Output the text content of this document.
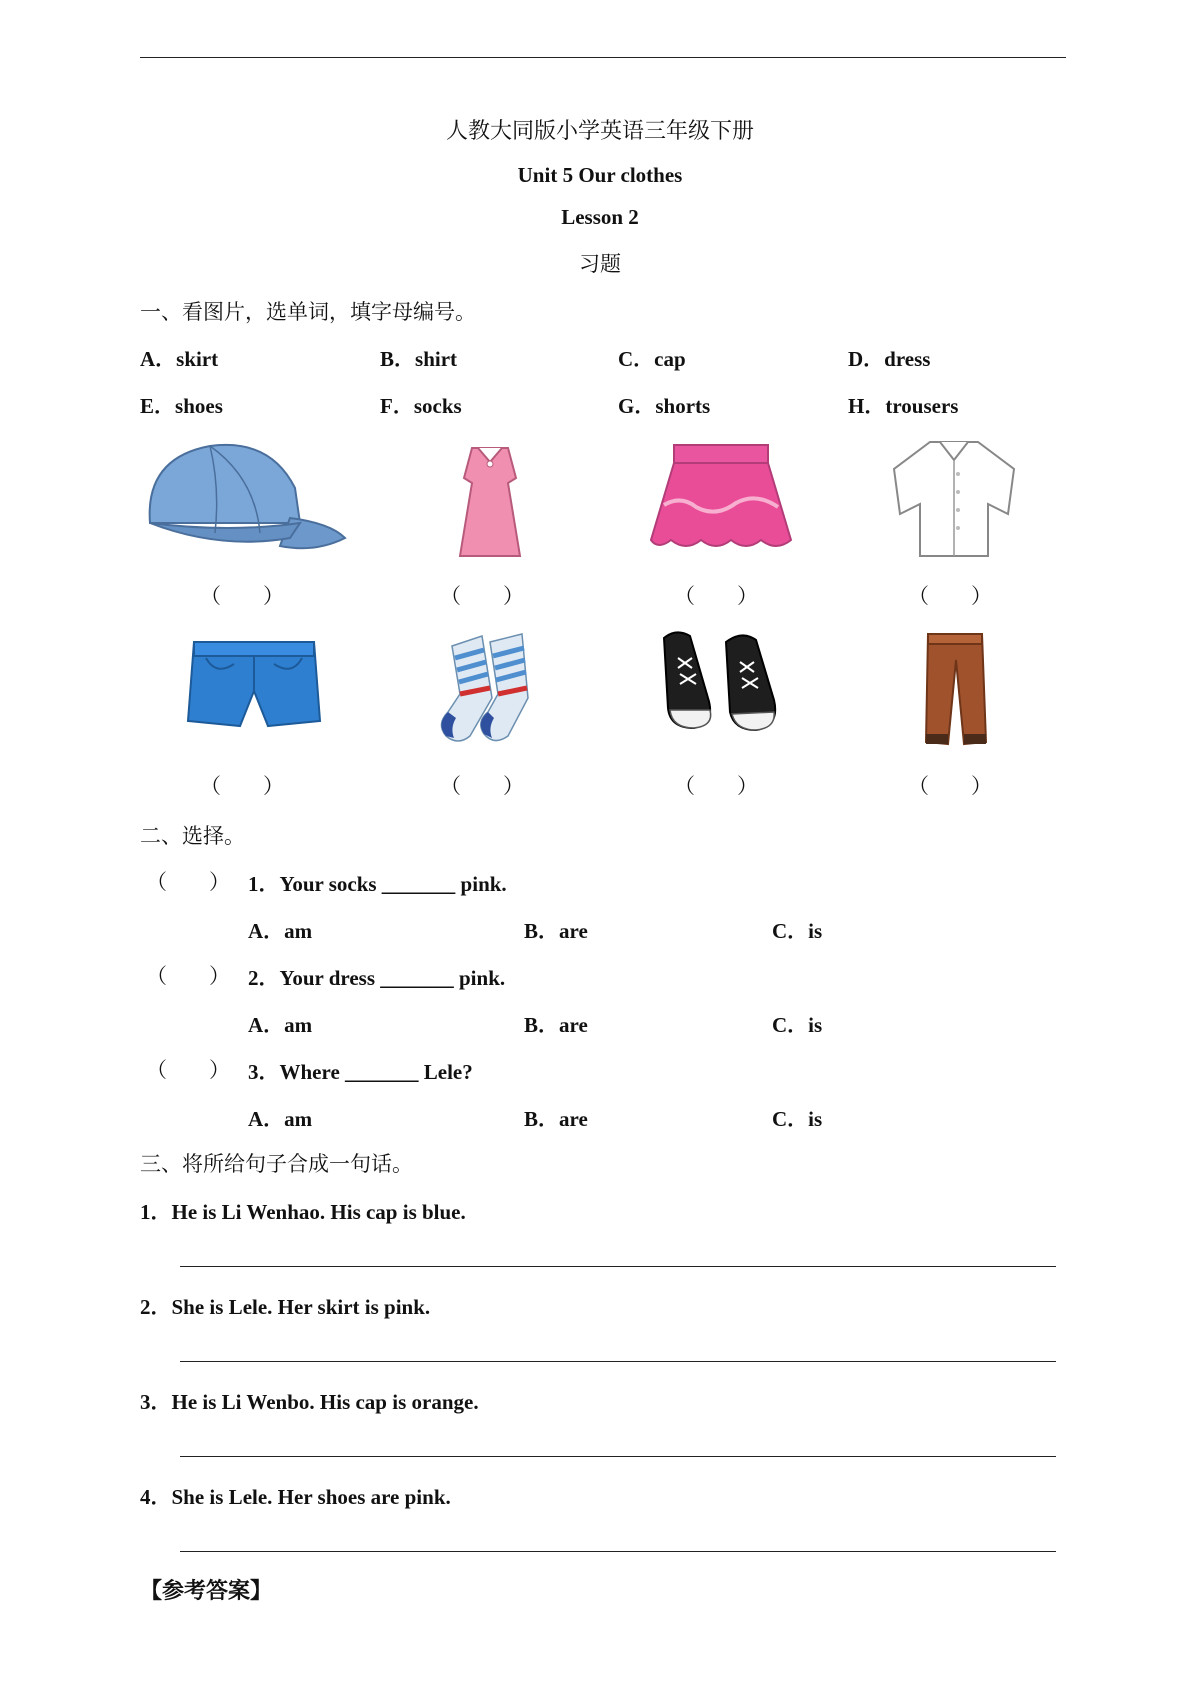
人教大同版小学英语三年级下册
Unit 5 Our clothes
Lesson 2
习题
一、看图片，选单词，填字母编号。
A．skirt	B．shirt	C．cap	D．dress
E．shoes	F．socks	G．shorts	H．trousers
（　　）	（　　）	（　　）	（　　）
（　　）	（　　）	（　　）	（　　）
二、选择。
（　　） 1．Your socks _______ pink.
A．am	B．are	C．is
（　　） 2．Your dress _______ pink.
A．am	B．are	C．is
（　　） 3．Where _______ Lele?
A．am	B．are	C．is
三、将所给句子合成一句话。
1．He is Li Wenhao. His cap is blue.
2．She is Lele. Her skirt is pink.
3．He is Li Wenbo. His cap is orange.
4．She is Lele. Her shoes are pink.
【参考答案】
